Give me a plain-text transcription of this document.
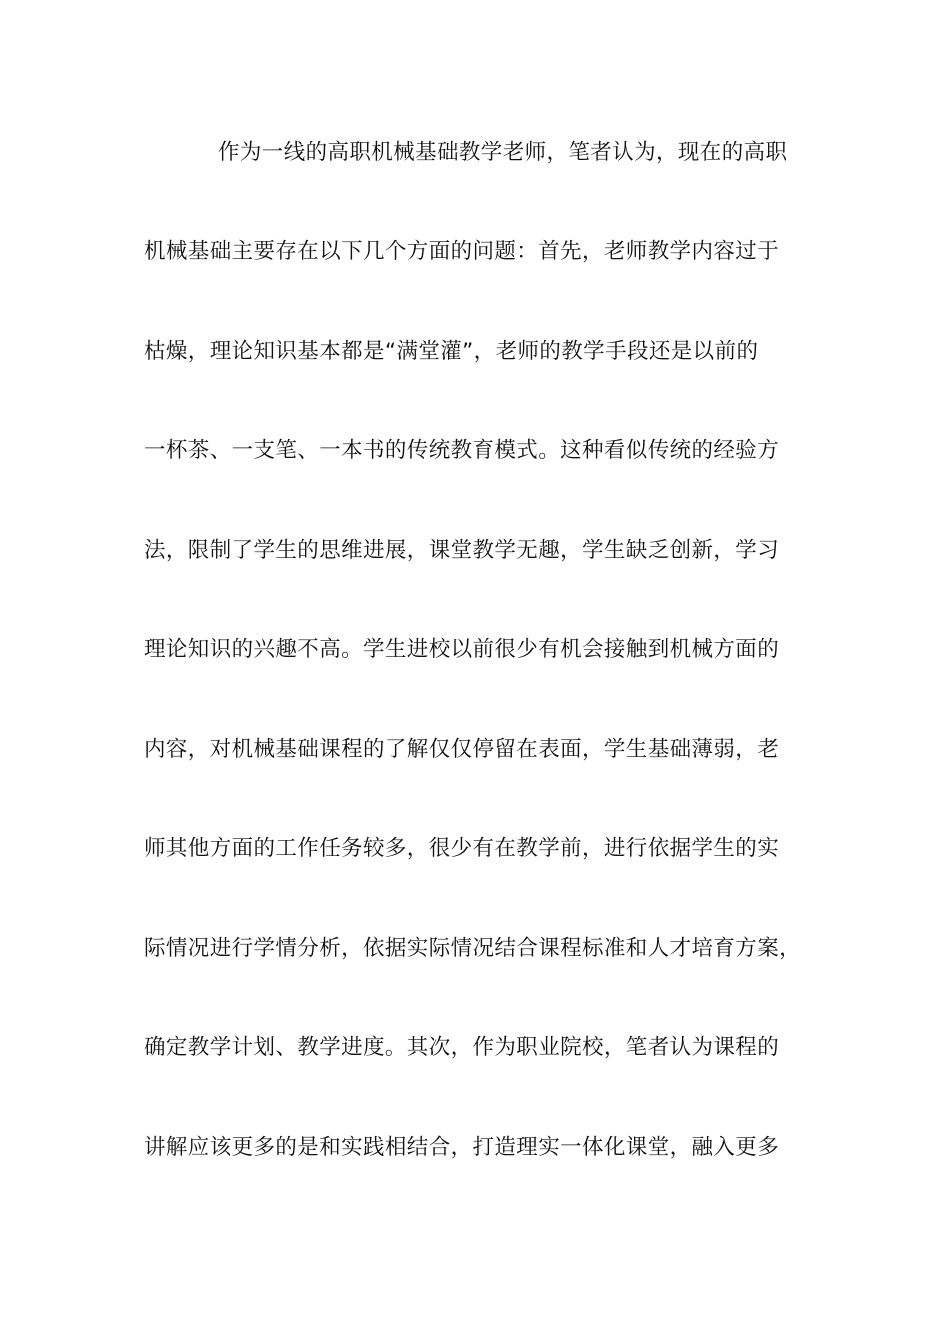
作为一线的高职机械基础教学老师，笔者认为，现在的高职
机械基础主要存在以下几个方面的问题：首先，老师教学内容过于
枯燥，理论知识基本都是“满堂灌”，老师的教学手段还是以前的
一杯茶、一支笔、一本书的传统教育模式。这种看似传统的经验方
法，限制了学生的思维进展，课堂教学无趣，学生缺乏创新，学习
理论知识的兴趣不高。学生进校以前很少有机会接触到机械方面的
内容，对机械基础课程的了解仅仅停留在表面，学生基础薄弱，老
师其他方面的工作任务较多，很少有在教学前，进行依据学生的实
际情况进行学情分析，依据实际情况结合课程标准和人才培育方案，
确定教学计划、教学进度。其次，作为职业院校，笔者认为课程的
讲解应该更多的是和实践相结合，打造理实一体化课堂，融入更多
